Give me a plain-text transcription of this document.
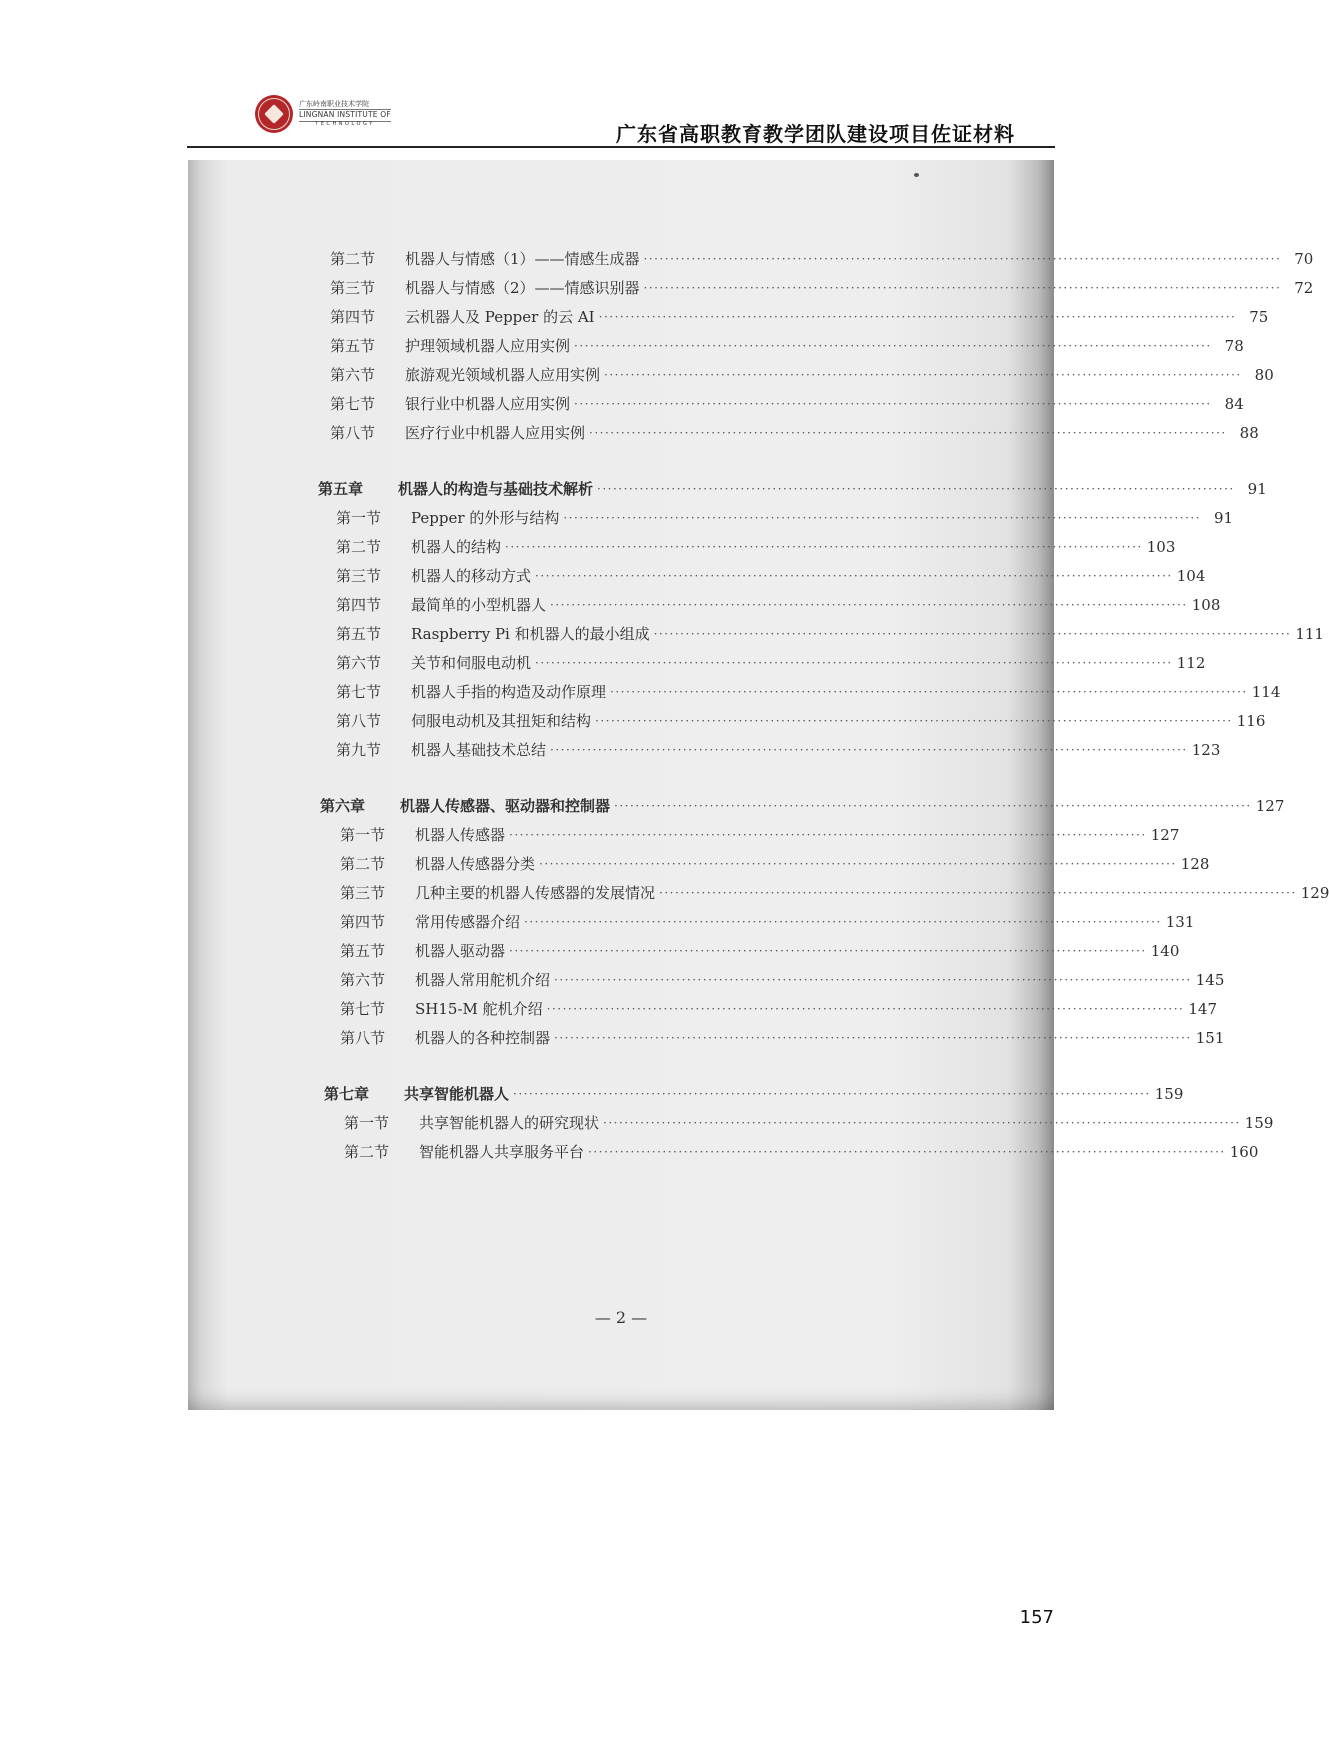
广东岭南职业技术学院
LINGNAN INSTITUTE OF
TECHNOLOGY	广东省高职教育教学团队建设项目佐证材料
第二节	机器人与情感（1）——情感生成器 ························································································································ 70
第三节	机器人与情感（2）——情感识别器 ························································································································ 72
第四节	云机器人及 Pepper 的云 AI ························································································································ 75
第五节	护理领域机器人应用实例 ························································································································ 78
第六节	旅游观光领域机器人应用实例 ························································································································ 80
第七节	银行业中机器人应用实例 ························································································································ 84
第八节	医疗行业中机器人应用实例 ························································································································ 88
第五章	机器人的构造与基础技术解析 ························································································································ 91
第一节	Pepper 的外形与结构 ························································································································ 91
第二节	机器人的结构 ························································································································ 103
第三节	机器人的移动方式 ························································································································ 104
第四节	最简单的小型机器人 ························································································································ 108
第五节	Raspberry Pi 和机器人的最小组成 ························································································································ 111
第六节	关节和伺服电动机 ························································································································ 112
第七节	机器人手指的构造及动作原理 ························································································································ 114
第八节	伺服电动机及其扭矩和结构 ························································································································ 116
第九节	机器人基础技术总结 ························································································································ 123
第六章	机器人传感器、驱动器和控制器 ························································································································ 127
第一节	机器人传感器 ························································································································ 127
第二节	机器人传感器分类 ························································································································ 128
第三节	几种主要的机器人传感器的发展情况 ························································································································ 129
第四节	常用传感器介绍 ························································································································ 131
第五节	机器人驱动器 ························································································································ 140
第六节	机器人常用舵机介绍 ························································································································ 145
第七节	SH15-M 舵机介绍 ························································································································ 147
第八节	机器人的各种控制器 ························································································································ 151
第七章	共享智能机器人 ························································································································ 159
第一节	共享智能机器人的研究现状 ························································································································ 159
第二节	智能机器人共享服务平台 ························································································································ 160
— 2 —
157
